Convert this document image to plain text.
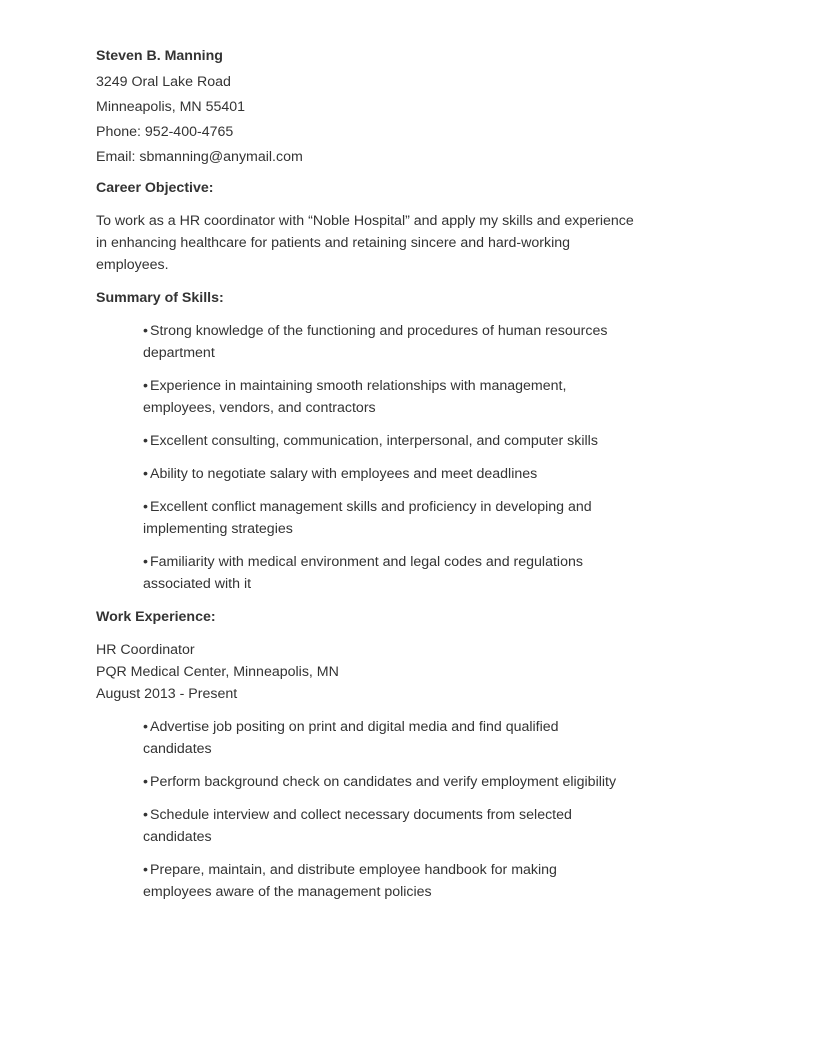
Steven B. Manning

3249 Oral Lake Road

Minneapolis, MN 55401

Phone: 952-400-4765

Email: sbmanning@anymail.com

Career Objective:

To work as a HR coordinator with “Noble Hospital” and apply my skills and experience in enhancing healthcare for patients and retaining sincere and hard-working employees.

Summary of Skills:

• Strong knowledge of the functioning and procedures of human resources department
• Experience in maintaining smooth relationships with management, employees, vendors, and contractors
• Excellent consulting, communication, interpersonal, and computer skills
• Ability to negotiate salary with employees and meet deadlines
• Excellent conflict management skills and proficiency in developing and implementing strategies
• Familiarity with medical environment and legal codes and regulations associated with it

Work Experience:

HR Coordinator

PQR Medical Center, Minneapolis, MN

August 2013 - Present

• Advertise job positing on print and digital media and find qualified candidates
• Perform background check on candidates and verify employment eligibility
• Schedule interview and collect necessary documents from selected candidates
• Prepare, maintain, and distribute employee handbook for making employees aware of the management policies
